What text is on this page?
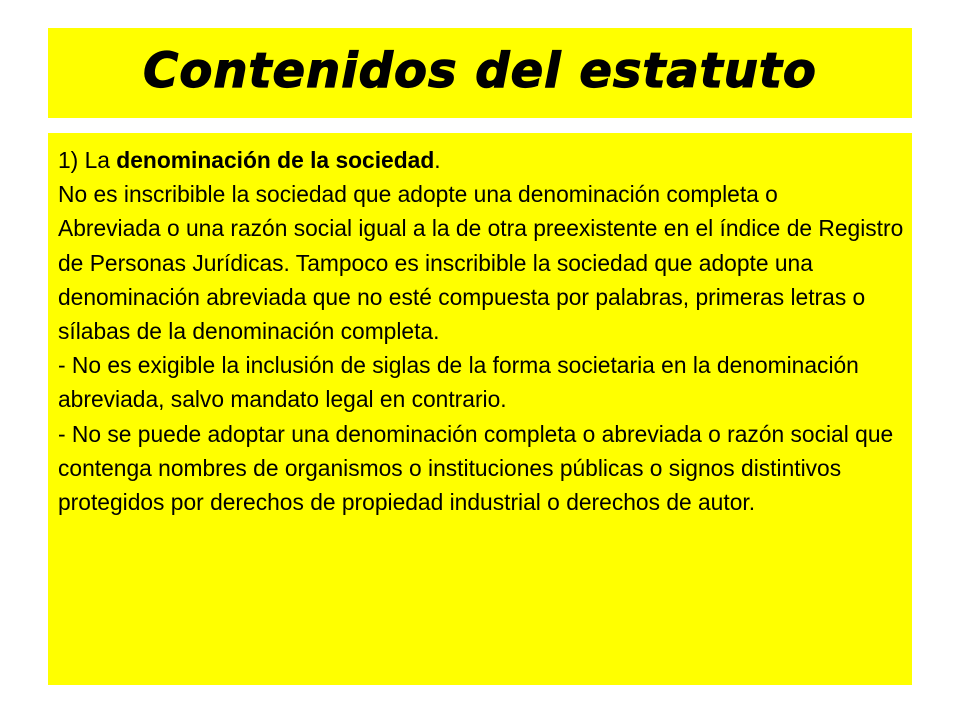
Contenidos del estatuto

1) La denominación de la sociedad.

No es inscribible la sociedad que adopte una denominación completa o

Abreviada o una razón social igual a la de otra preexistente en el índice de Registro de Personas Jurídicas. Tampoco es inscribible la sociedad que adopte una denominación abreviada que no esté compuesta por palabras, primeras letras o sílabas de la denominación completa.

- No es exigible la inclusión de siglas de la forma societaria en la denominación abreviada, salvo mandato legal en contrario.

- No se puede adoptar una denominación completa o abreviada o razón social que contenga nombres de organismos o instituciones públicas o signos distintivos protegidos por derechos de propiedad industrial o derechos de autor.
